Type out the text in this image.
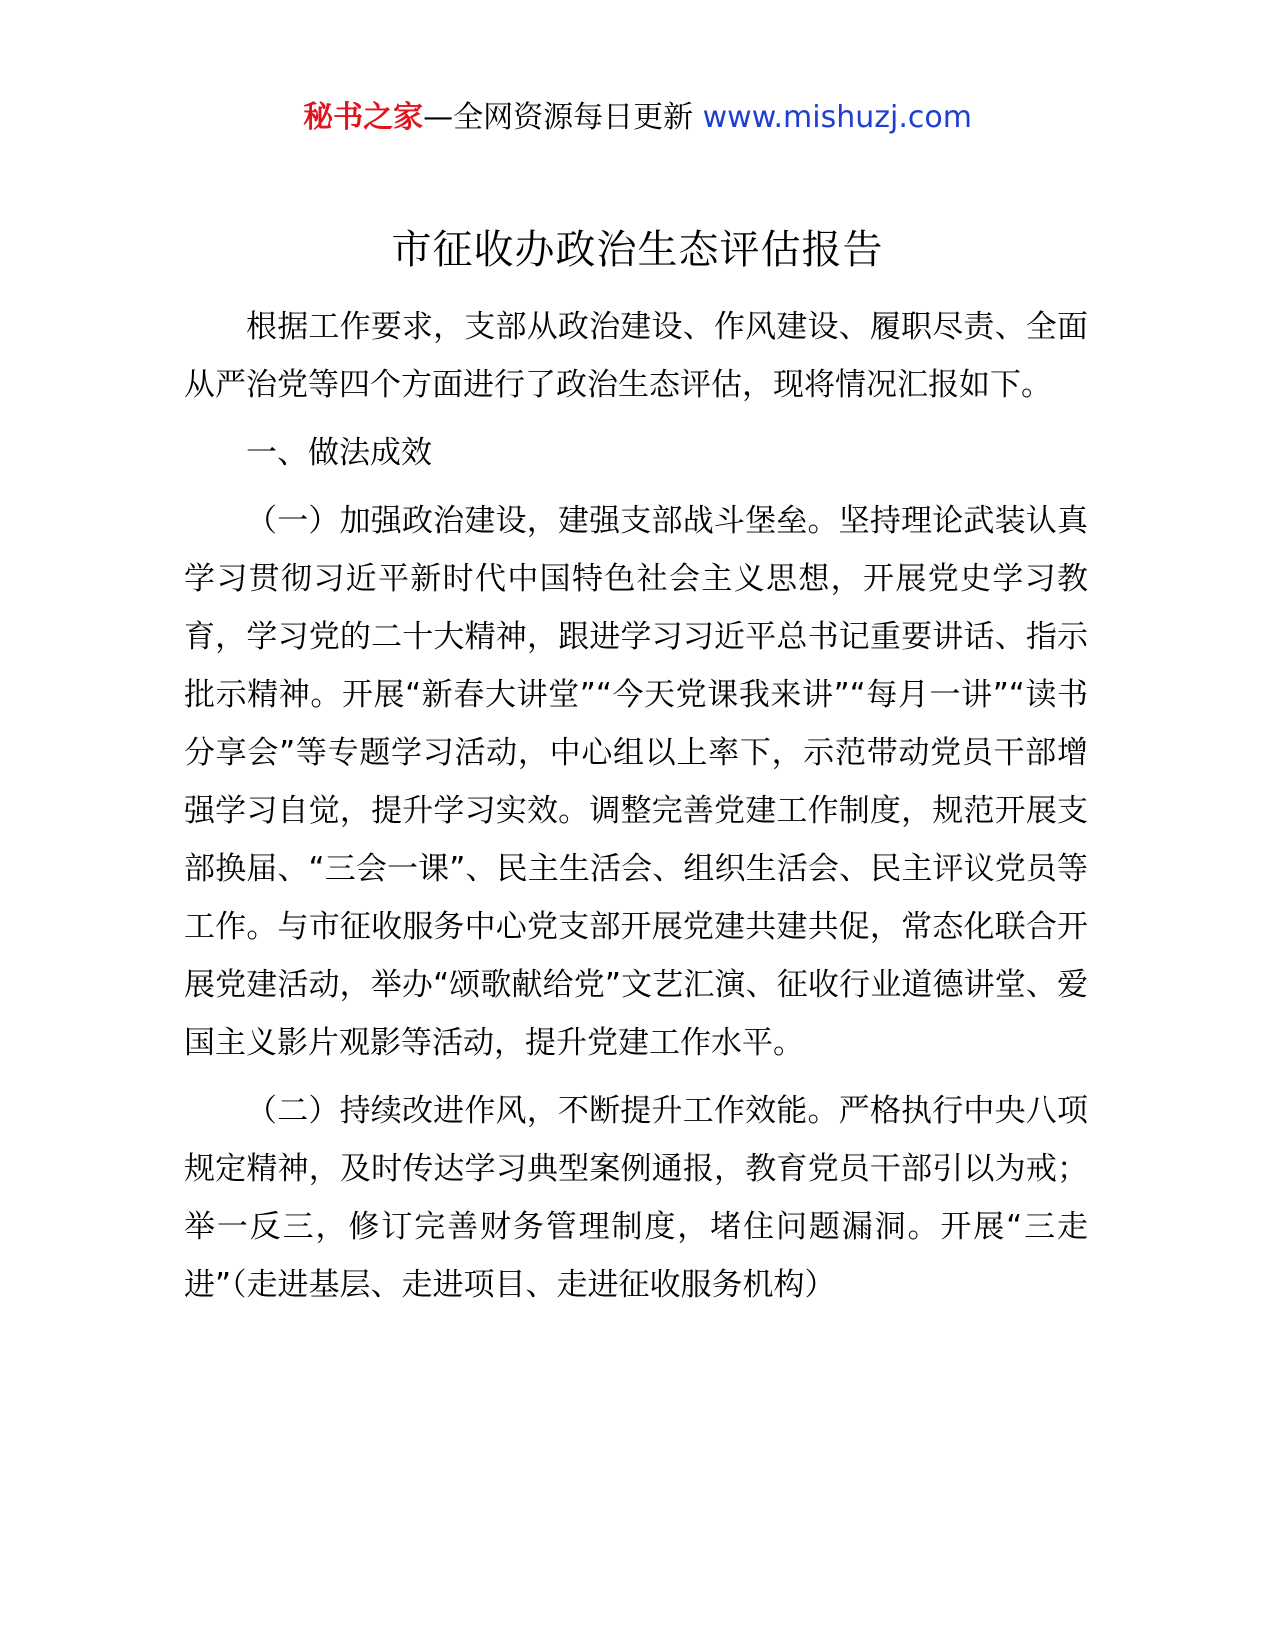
秘书之家—全网资源每日更新 www.mishuzj.com
市征收办政治生态评估报告

根据工作要求，支部从政治建设、作风建设、履职尽责、全面从严治党等四个方面进行了政治生态评估，现将情况汇报如下。

一、做法成效

（一）加强政治建设，建强支部战斗堡垒。坚持理论武装认真学习贯彻习近平新时代中国特色社会主义思想，开展党史学习教育，学习党的二十大精神，跟进学习习近平总书记重要讲话、指示批示精神。开展“新春大讲堂”“今天党课我来讲”“每月一讲”“读书分享会”等专题学习活动，中心组以上率下，示范带动党员干部增强学习自觉，提升学习实效。调整完善党建工作制度，规范开展支部换届、“三会一课”、民主生活会、组织生活会、民主评议党员等工作。与市征收服务中心党支部开展党建共建共促，常态化联合开展党建活动，举办“颂歌献给党”文艺汇演、征收行业道德讲堂、爱国主义影片观影等活动，提升党建工作水平。

（二）持续改进作风，不断提升工作效能。严格执行中央八项规定精神，及时传达学习典型案例通报，教育党员干部引以为戒；举一反三，修订完善财务管理制度，堵住问题漏洞。开展“三走进”（走进基层、走进项目、走进征收服务机构）
